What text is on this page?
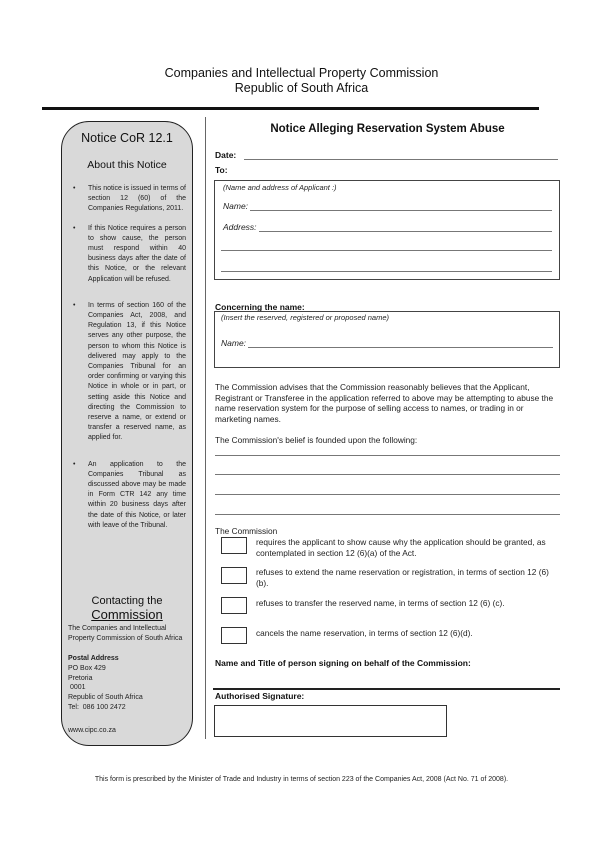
Companies and Intellectual Property Commission
Republic of South Africa
Notice CoR 12.1
About this Notice
• This notice is issued in terms of section 12 (60) of the Companies Regulations, 2011.
• If this Notice requires a person to show cause, the person must respond within 40 business days after the date of this Notice, or the relevant Application will be refused.
• In terms of section 160 of the Companies Act, 2008, and Regulation 13, if this Notice serves any other purpose, the person to whom this Notice is delivered may apply to the Companies Tribunal for an order confirming or varying this Notice in whole or in part, or setting aside this Notice and directing the Commission to reserve a name, or extend or transfer a reserved name, as applied for.
• An application to the Companies Tribunal as discussed above may be made in Form CTR 142 any time within 20 business days after the date of this Notice, or later with leave of the Tribunal.
Contacting the
Commission
The Companies and Intellectual Property Commission of South Africa
Postal Address
PO Box 429
Pretoria
0001
Republic of South Africa
Tel:  086 100 2472
www.cipc.co.za
Notice Alleging Reservation System Abuse
Date:
To:
(Name and address of Applicant :)
Name:
Address:
Concerning the name:
(Insert the reserved, registered or proposed name)
Name:
The Commission advises that the Commission reasonably believes that the Applicant, Registrant or Transferee in the application referred to above may be attempting to abuse the name reservation system for the purpose of selling access to names, or trading in or marketing names.
The Commission's belief is founded upon the following:
The Commission
requires the applicant to show cause why the application should be granted, as contemplated in section 12 (6)(a) of the Act.
refuses to extend the name reservation or registration, in terms of section 12 (6)(b).
refuses to transfer the reserved name, in terms of section 12 (6) (c).
cancels the name reservation, in terms of section 12 (6)(d).
Name and Title of person signing on behalf of the Commission:
Authorised Signature:
This form is prescribed by the Minister of Trade and Industry in terms of section 223 of the Companies Act, 2008 (Act No. 71 of 2008).
